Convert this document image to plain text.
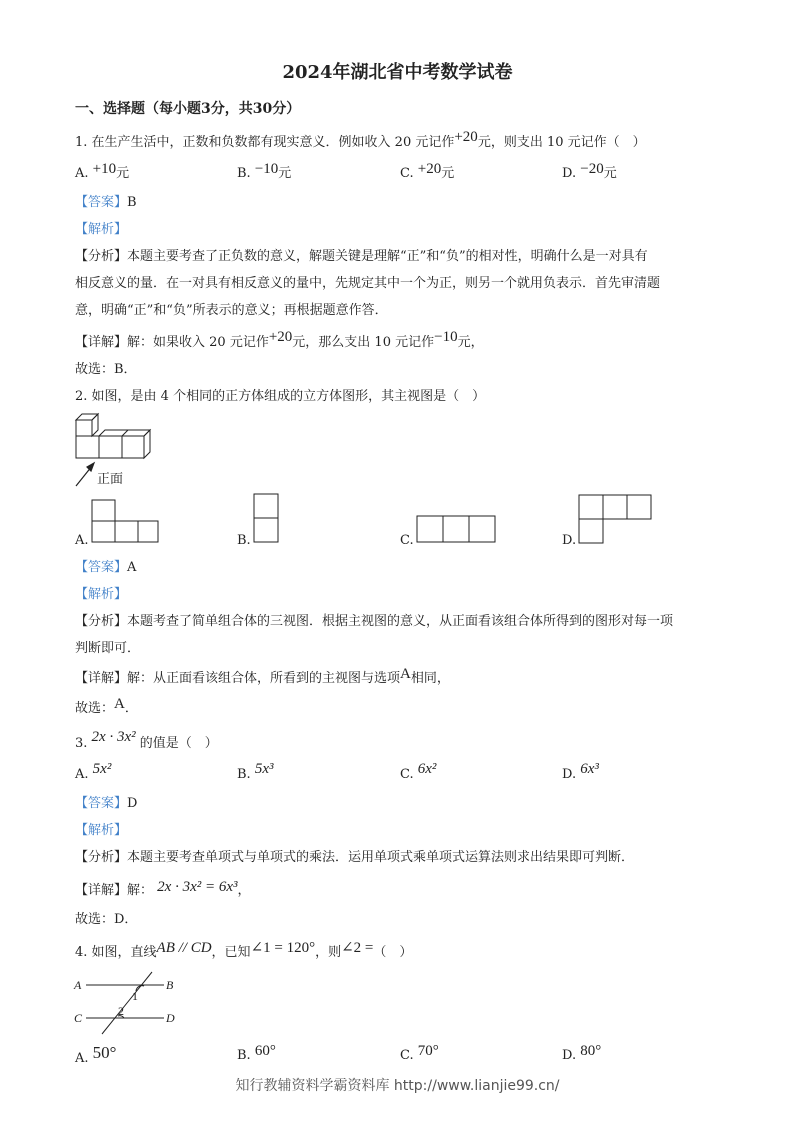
2024年湖北省中考数学试卷
一、选择题（每小题3分，共30分）
1. 在生产生活中，正数和负数都有现实意义．例如收入 20 元记作+20元，则支出 10 元记作（　）
A. +10元	B. −10元	C. +20元	D. −20元
【答案】B
【解析】
【分析】本题主要考查了正负数的意义，解题关键是理解“正”和“负”的相对性，明确什么是一对具有
相反意义的量．在一对具有相反意义的量中，先规定其中一个为正，则另一个就用负表示．首先审清题
意，明确“正”和“负”所表示的意义；再根据题意作答．
【详解】解：如果收入 20 元记作+20元，那么支出 10 元记作−10元，
故选：B．
2. 如图，是由 4 个相同的正方体组成的立方体图形，其主视图是（　）
正面
A.	B.	C.	D.
【答案】A
【解析】
【分析】本题考查了简单组合体的三视图．根据主视图的意义，从正面看该组合体所得到的图形对每一项
判断即可．
【详解】解：从正面看该组合体，所看到的主视图与选项A相同，
故选：A．
3. 2x · 3x² 的值是（　）
A. 5x²	B. 5x³	C. 6x²	D. 6x³
【答案】D
【解析】
【分析】本题主要考查单项式与单项式的乘法．运用单项式乘单项式运算法则求出结果即可判断．
【详解】解： 2x · 3x² = 6x³，
故选：D．
4. 如图，直线AB // CD，已知∠1 = 120°，则∠2 =（　）
A	B
C	D
1
2
A. 50°	B. 60°	C. 70°	D. 80°
知行教辅资料学霸资料库 http://www.lianjie99.cn/
